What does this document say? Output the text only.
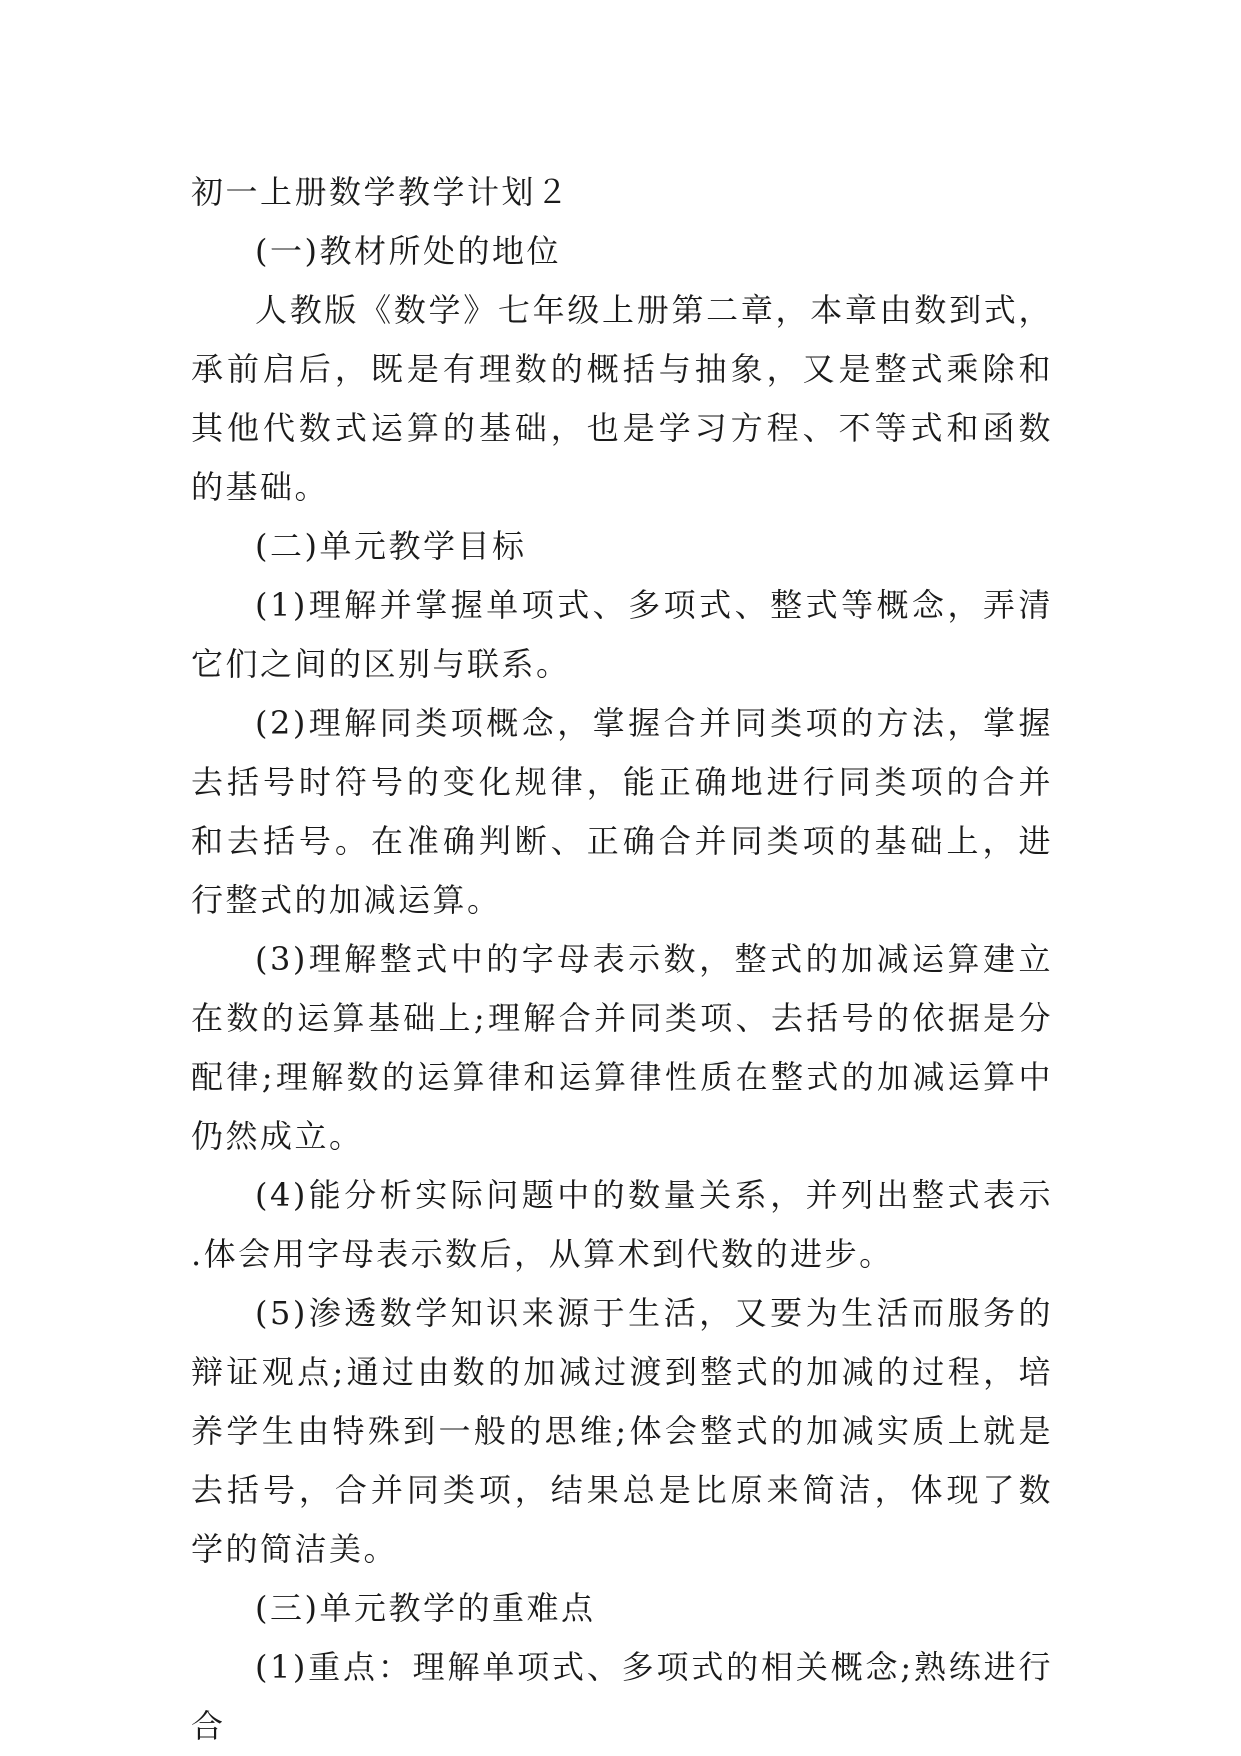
初一上册数学教学计划２

(一)教材所处的地位

人教版《数学》七年级上册第二章，本章由数到式，承前启后，既是有理数的概括与抽象，又是整式乘除和其他代数式运算的基础，也是学习方程、不等式和函数的基础。

(二)单元教学目标

(1)理解并掌握单项式、多项式、整式等概念，弄清它们之间的区别与联系。

(2)理解同类项概念，掌握合并同类项的方法，掌握去括号时符号的变化规律，能正确地进行同类项的合并和去括号。在准确判断、正确合并同类项的基础上，进行整式的加减运算。

(3)理解整式中的字母表示数，整式的加减运算建立在数的运算基础上;理解合并同类项、去括号的依据是分配律;理解数的运算律和运算律性质在整式的加减运算中仍然成立。

(4)能分析实际问题中的数量关系，并列出整式表示 .体会用字母表示数后，从算术到代数的进步。

(5)渗透数学知识来源于生活，又要为生活而服务的辩证观点;通过由数的加减过渡到整式的加减的过程，培养学生由特殊到一般的思维;体会整式的加减实质上就是去括号，合并同类项，结果总是比原来简洁，体现了数学的简洁美。

(三)单元教学的重难点

(1)重点：理解单项式、多项式的相关概念;熟练进行合
